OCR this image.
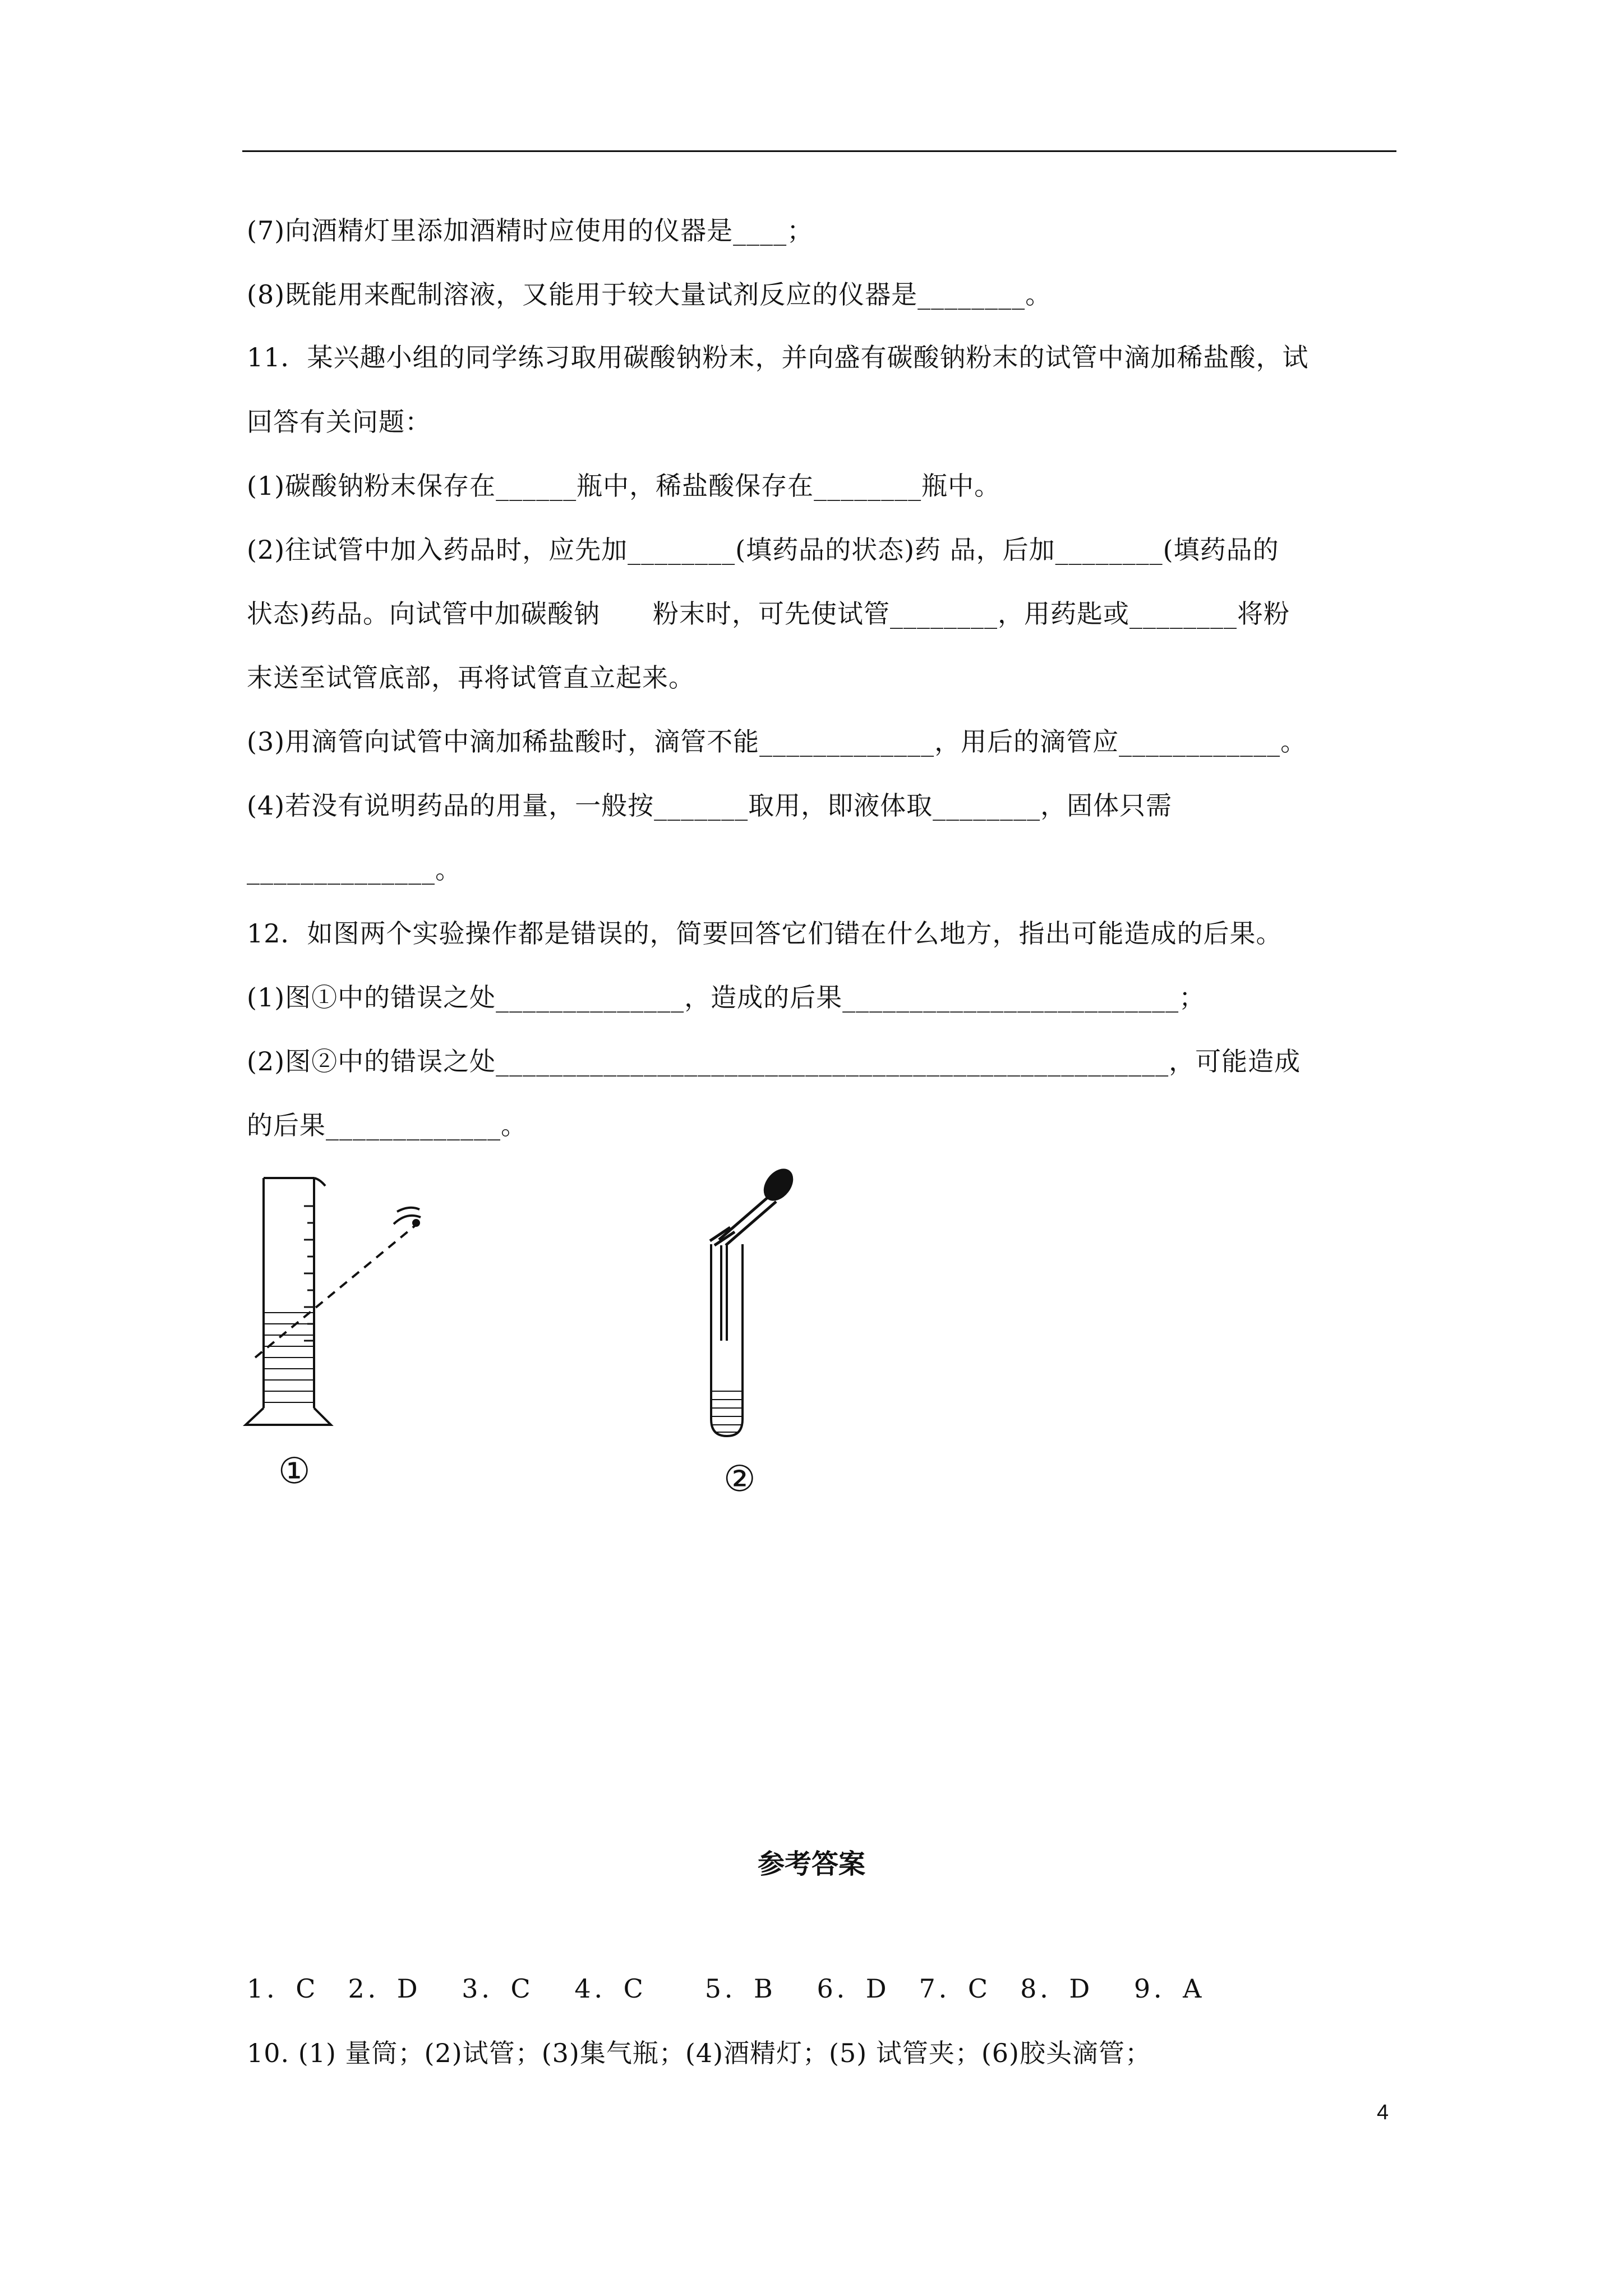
(7)向酒精灯里添加酒精时应使用的仪器是____；
(8)既能用来配制溶液，又能用于较大量试剂反应的仪器是________。
11．某兴趣小组的同学练习取用碳酸钠粉末，并向盛有碳酸钠粉末的试管中滴加稀盐酸，试
回答有关问题：
(1)碳酸钠粉末保存在______瓶中，稀盐酸保存在________瓶中。
(2)往试管中加入药品时，应先加________(填药品的状态)药 品，后加________(填药品的
状态)药品。向试管中加碳酸钠　　粉末时，可先使试管________，用药匙或________将粉
末送至试管底部，再将试管直立起来。
(3)用滴管向试管中滴加稀盐酸时，滴管不能_____________，用后的滴管应____________。
(4)若没有说明药品的用量，一般按_______取用，即液体取________，固体只需
______________。
12．如图两个实验操作都是错误的，简要回答它们错在什么地方，指出可能造成的后果。
(1)图①中的错误之处______________，造成的后果_________________________；
(2)图②中的错误之处__________________________________________________，可能造成
的后果_____________。
①	②
参考答案
1．C　2．D　 3．C　 4．C　　5．B　 6．D　7．C　8．D　 9．A
10. (1) 量筒；(2)试管；(3)集气瓶；(4)酒精灯；(5) 试管夹；(6)胶头滴管；
4
